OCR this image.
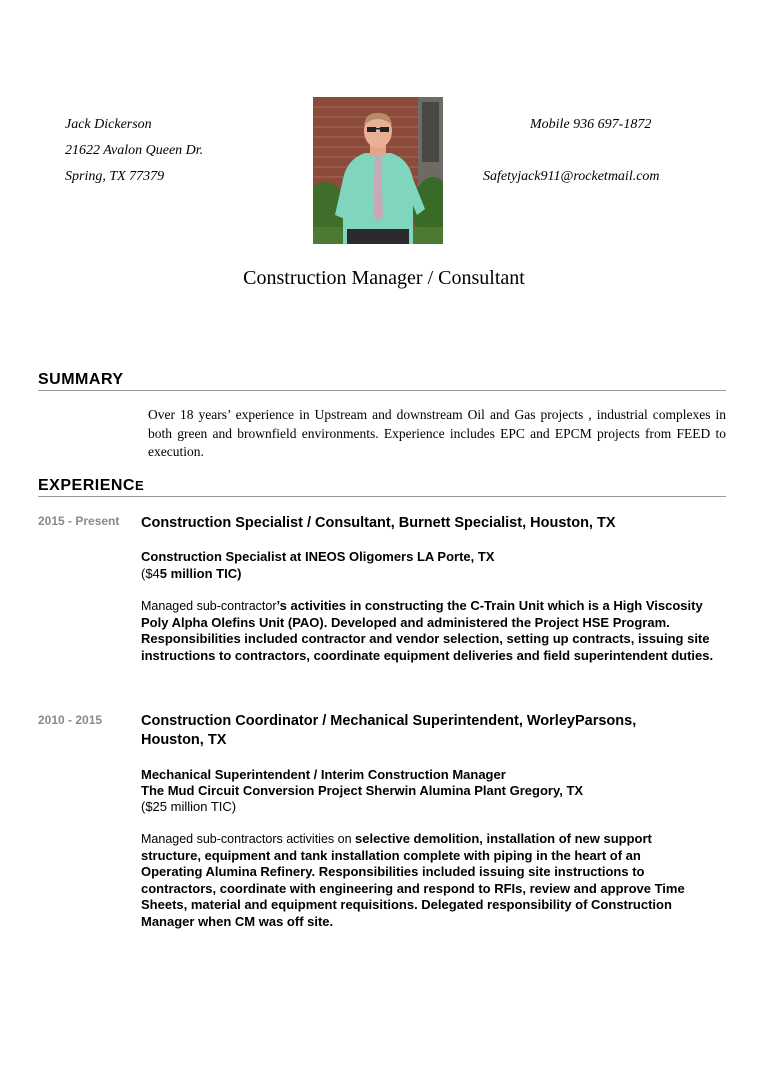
Jack Dickerson
21622 Avalon Queen Dr.
Spring, TX 77379
Mobile 936 697-1872
Safetyjack911@rocketmail.com
Construction Manager / Consultant
SUMMARY
Over 18 years’ experience in Upstream and downstream Oil and Gas projects , industrial complexes in both green and brownfield environments. Experience includes EPC and EPCM projects from FEED to execution.
EXPERIENCE
2015 - Present Construction Specialist / Consultant, Burnett Specialist, Houston, TX
Construction Specialist at INEOS Oligomers LA Porte, TX
($45 million TIC)
Managed sub-contractor’s activities in constructing the C-Train Unit which is a High Viscosity Poly Alpha Olefins Unit (PAO). Developed and administered the Project HSE Program. Responsibilities included contractor and vendor selection, setting up contracts, issuing site instructions to contractors, coordinate equipment deliveries and field superintendent duties.
2010 - 2015	Construction Coordinator / Mechanical Superintendent, WorleyParsons, Houston, TX
Mechanical Superintendent / Interim Construction Manager
The Mud Circuit Conversion Project Sherwin Alumina Plant Gregory, TX
($25 million TIC)
Managed sub-contractors activities on selective demolition, installation of new support structure, equipment and tank installation complete with piping in the heart of an Operating Alumina Refinery. Responsibilities included issuing site instructions to contractors, coordinate with engineering and respond to RFIs, review and approve Time Sheets, material and equipment requisitions. Delegated responsibility of Construction Manager when CM was off site.
